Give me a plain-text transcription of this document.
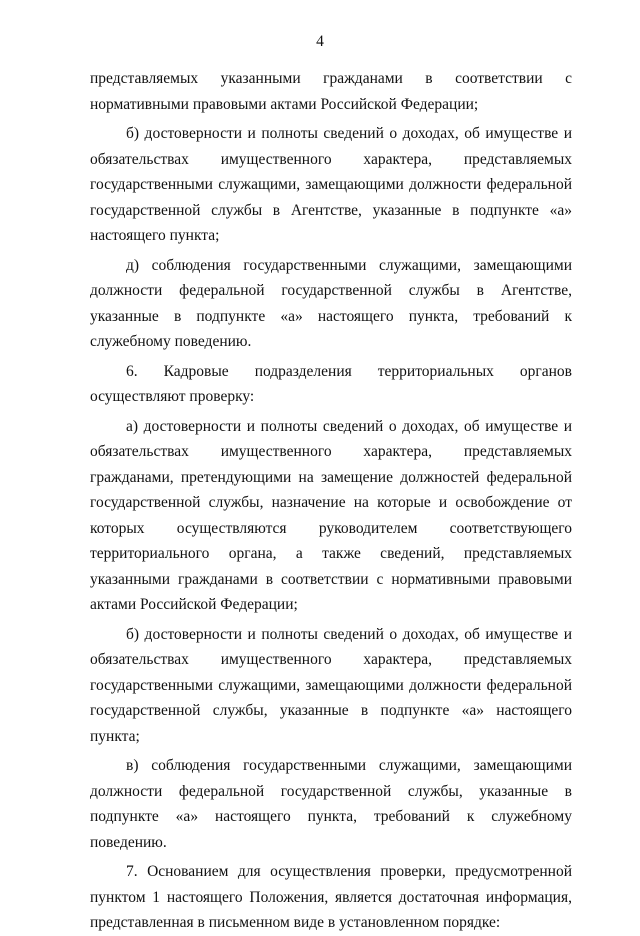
4

представляемых указанными гражданами в соответствии с нормативными правовыми актами Российской Федерации;

б) достоверности и полноты сведений о доходах, об имуществе и обязательствах имущественного характера, представляемых государственными служащими, замещающими должности федеральной государственной службы в Агентстве, указанные в подпункте «а» настоящего пункта;

д) соблюдения государственными служащими, замещающими должности федеральной государственной службы в Агентстве, указанные в подпункте «а» настоящего пункта, требований к служебному поведению.

6. Кадровые подразделения территориальных органов осуществляют проверку:

а) достоверности и полноты сведений о доходах, об имуществе и обязательствах имущественного характера, представляемых гражданами, претендующими на замещение должностей федеральной государственной службы, назначение на которые и освобождение от которых осуществляются руководителем соответствующего территориального органа, а также сведений, представляемых указанными гражданами в соответствии с нормативными правовыми актами Российской Федерации;

б) достоверности и полноты сведений о доходах, об имуществе и обязательствах имущественного характера, представляемых государственными служащими, замещающими должности федеральной государственной службы, указанные в подпункте «а» настоящего пункта;

в) соблюдения государственными служащими, замещающими должности федеральной государственной службы, указанные в подпункте «а» настоящего пункта, требований к служебному поведению.

7. Основанием для осуществления проверки, предусмотренной пунктом 1 настоящего Положения, является достаточная информация, представленная в письменном виде в установленном порядке:
